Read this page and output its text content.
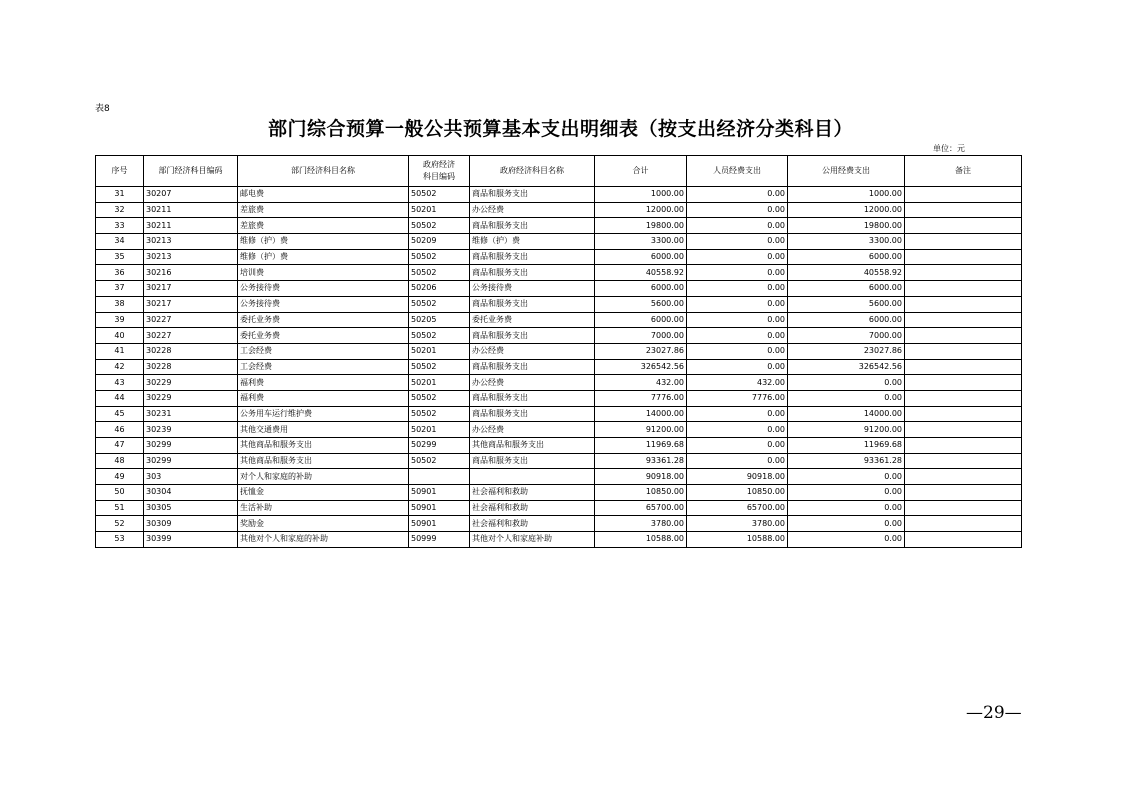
表8
部门综合预算一般公共预算基本支出明细表（按支出经济分类科目）
单位：元
序号	部门经济科目编码	部门经济科目名称	政府经济
科目编码	政府经济科目名称	合计	人员经费支出	公用经费支出	备注
31	30207	邮电费	50502	商品和服务支出	1000.00	0.00	1000.00	
32	30211	差旅费	50201	办公经费	12000.00	0.00	12000.00	
33	30211	差旅费	50502	商品和服务支出	19800.00	0.00	19800.00	
34	30213	维修（护）费	50209	维修（护）费	3300.00	0.00	3300.00	
35	30213	维修（护）费	50502	商品和服务支出	6000.00	0.00	6000.00	
36	30216	培训费	50502	商品和服务支出	40558.92	0.00	40558.92	
37	30217	公务接待费	50206	公务接待费	6000.00	0.00	6000.00	
38	30217	公务接待费	50502	商品和服务支出	5600.00	0.00	5600.00	
39	30227	委托业务费	50205	委托业务费	6000.00	0.00	6000.00	
40	30227	委托业务费	50502	商品和服务支出	7000.00	0.00	7000.00	
41	30228	工会经费	50201	办公经费	23027.86	0.00	23027.86	
42	30228	工会经费	50502	商品和服务支出	326542.56	0.00	326542.56	
43	30229	福利费	50201	办公经费	432.00	432.00	0.00	
44	30229	福利费	50502	商品和服务支出	7776.00	7776.00	0.00	
45	30231	公务用车运行维护费	50502	商品和服务支出	14000.00	0.00	14000.00	
46	30239	其他交通费用	50201	办公经费	91200.00	0.00	91200.00	
47	30299	其他商品和服务支出	50299	其他商品和服务支出	11969.68	0.00	11969.68	
48	30299	其他商品和服务支出	50502	商品和服务支出	93361.28	0.00	93361.28	
49	303	对个人和家庭的补助			90918.00	90918.00	0.00	
50	30304	抚恤金	50901	社会福利和救助	10850.00	10850.00	0.00	
51	30305	生活补助	50901	社会福利和救助	65700.00	65700.00	0.00	
52	30309	奖励金	50901	社会福利和救助	3780.00	3780.00	0.00	
53	30399	其他对个人和家庭的补助	50999	其他对个人和家庭补助	10588.00	10588.00	0.00	
—29—
